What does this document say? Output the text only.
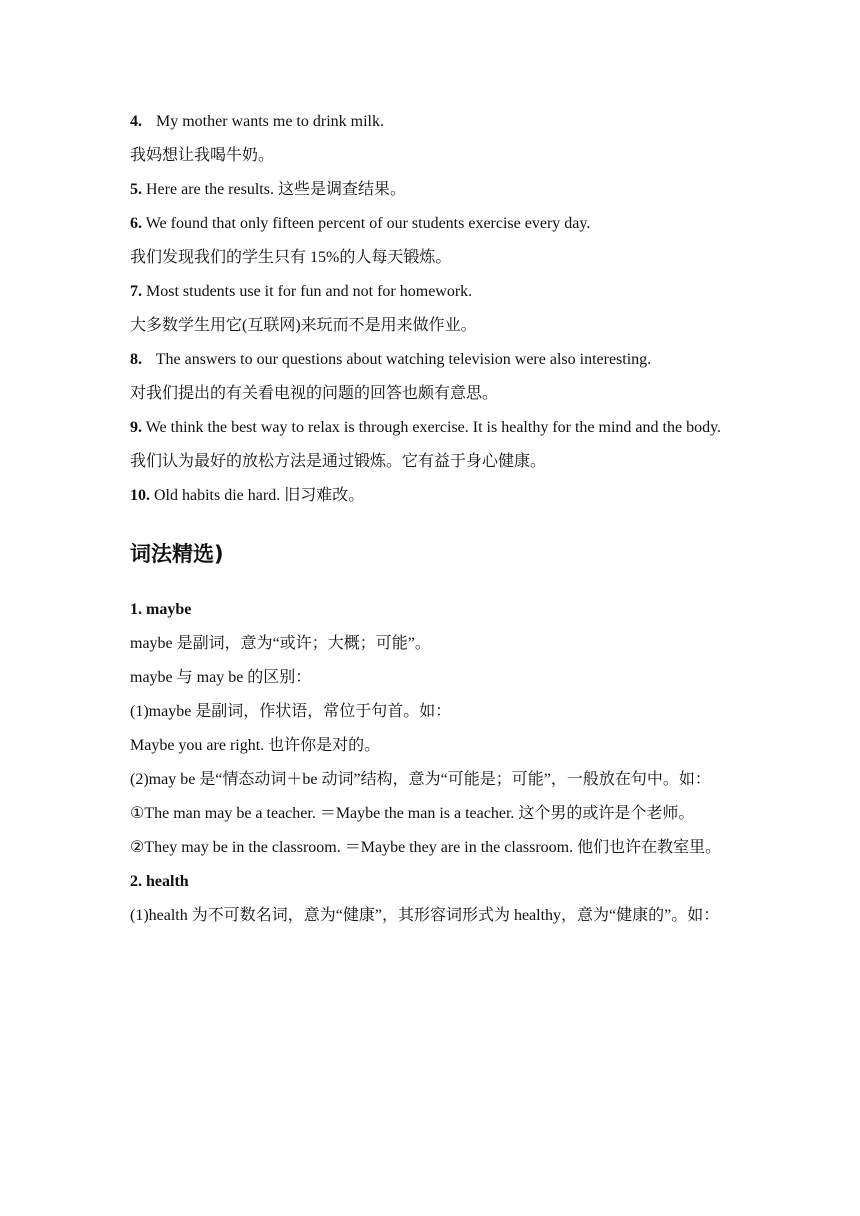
4. My mother wants me to drink milk.
我妈想让我喝牛奶。
5. Here are the results. 这些是调查结果。
6. We found that only fifteen percent of our students exercise every day.
我们发现我们的学生只有 15%的人每天锻炼。
7. Most students use it for fun and not for homework.
大多数学生用它(互联网)来玩而不是用来做作业。
8. The answers to our questions about watching television were also interesting.
对我们提出的有关看电视的问题的回答也颇有意思。
9. We think the best way to relax is through exercise. It is healthy for the mind and the body.
我们认为最好的放松方法是通过锻炼。它有益于身心健康。
10. Old habits die hard. 旧习难改。
词法精选)
1. maybe
maybe 是副词，意为“或许；大概；可能”。
maybe 与 may be 的区别：
(1)maybe 是副词，作状语，常位于句首。如：
Maybe you are right. 也许你是对的。
(2)may be 是“情态动词＋be 动词”结构，意为“可能是；可能”，一般放在句中。如：
①The man may be a teacher. ＝Maybe the man is a teacher. 这个男的或许是个老师。
②They may be in the classroom. ＝Maybe they are in the classroom. 他们也许在教室里。
2. health
(1)health 为不可数名词，意为“健康”，其形容词形式为 healthy，意为“健康的”。如：
